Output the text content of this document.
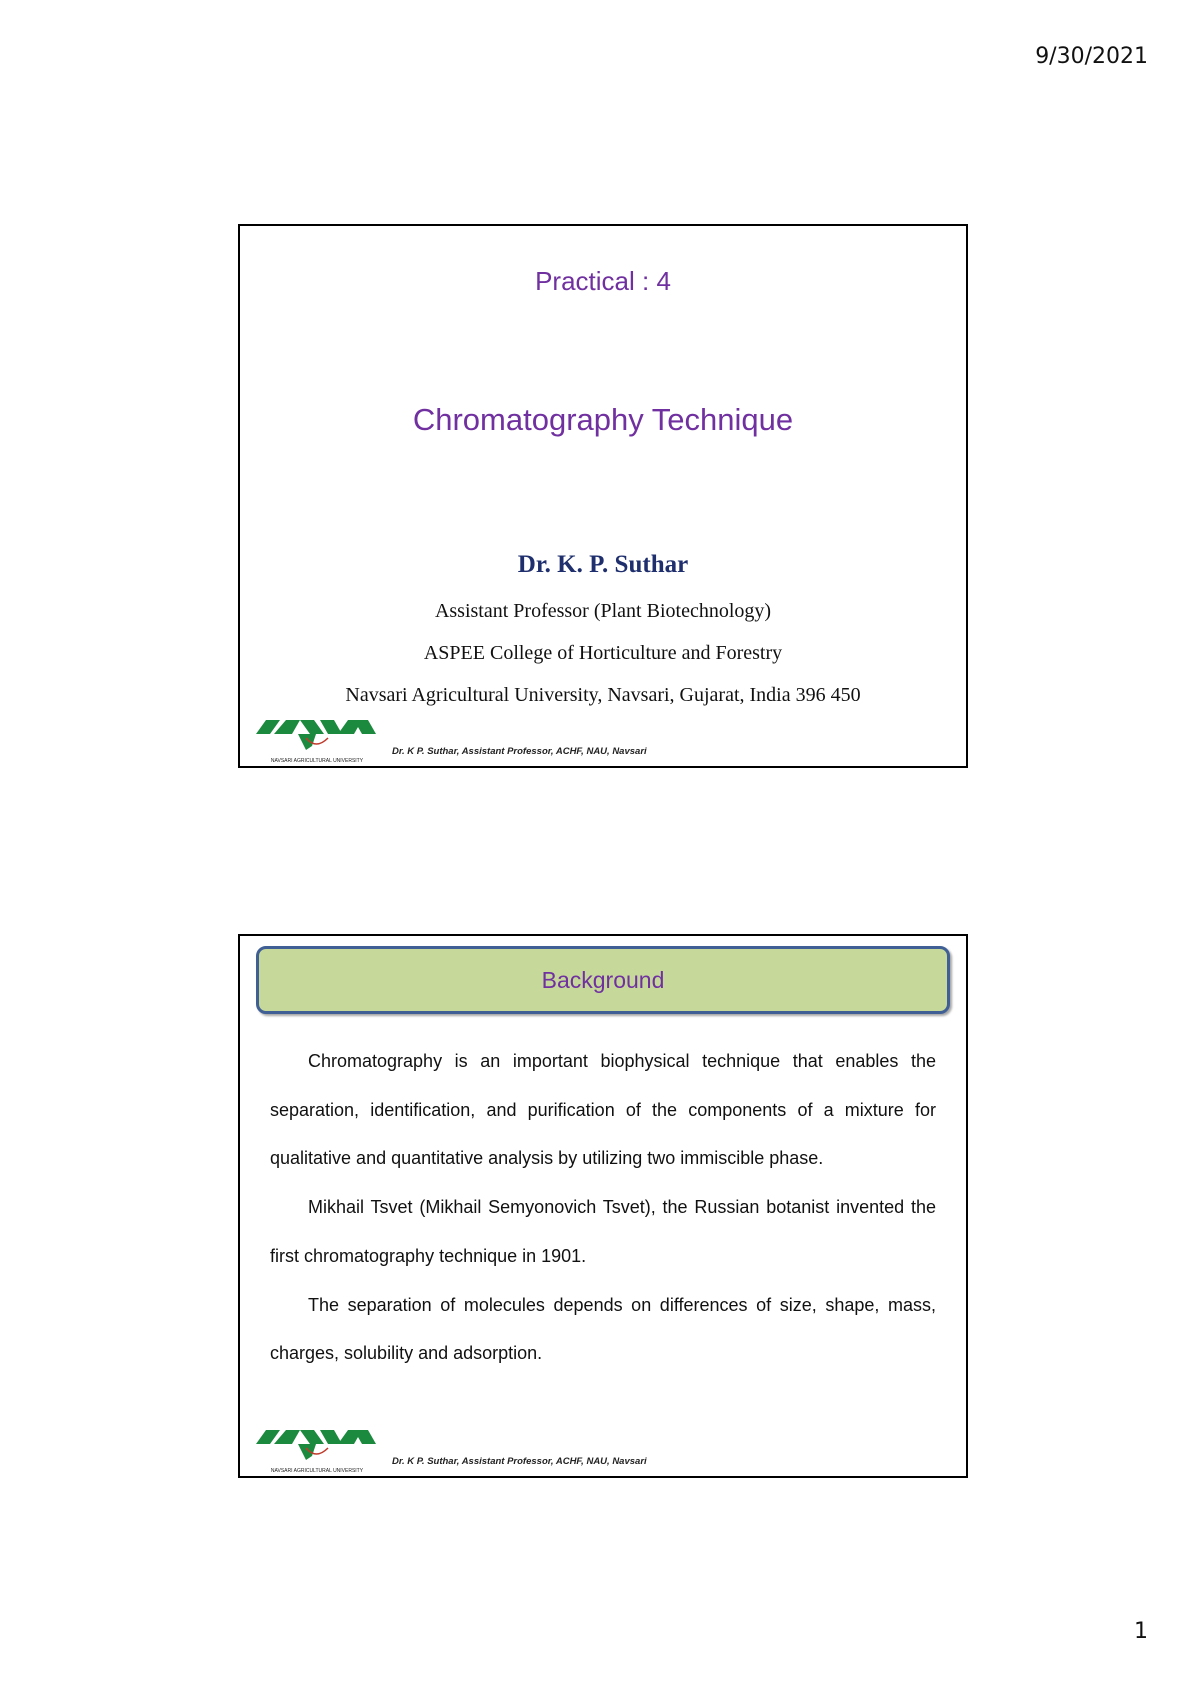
9/30/2021
Practical : 4
Chromatography Technique
Dr. K. P. Suthar
Assistant Professor (Plant Biotechnology)
ASPEE College of Horticulture and Forestry
Navsari Agricultural University, Navsari, Gujarat, India 396 450
NAVSARI AGRICULTURAL UNIVERSITY
Dr. K P. Suthar, Assistant Professor, ACHF, NAU, Navsari
Background

Chromatography is an important biophysical technique that enables the separation, identification, and purification of the components of a mixture for qualitative and quantitative analysis by utilizing two immiscible phase.

Mikhail Tsvet (Mikhail Semyonovich Tsvet), the Russian botanist invented the first chromatography technique in 1901.

The separation of molecules depends on differences of size, shape, mass, charges, solubility and adsorption.

NAVSARI AGRICULTURAL UNIVERSITY
Dr. K P. Suthar, Assistant Professor, ACHF, NAU, Navsari
1
